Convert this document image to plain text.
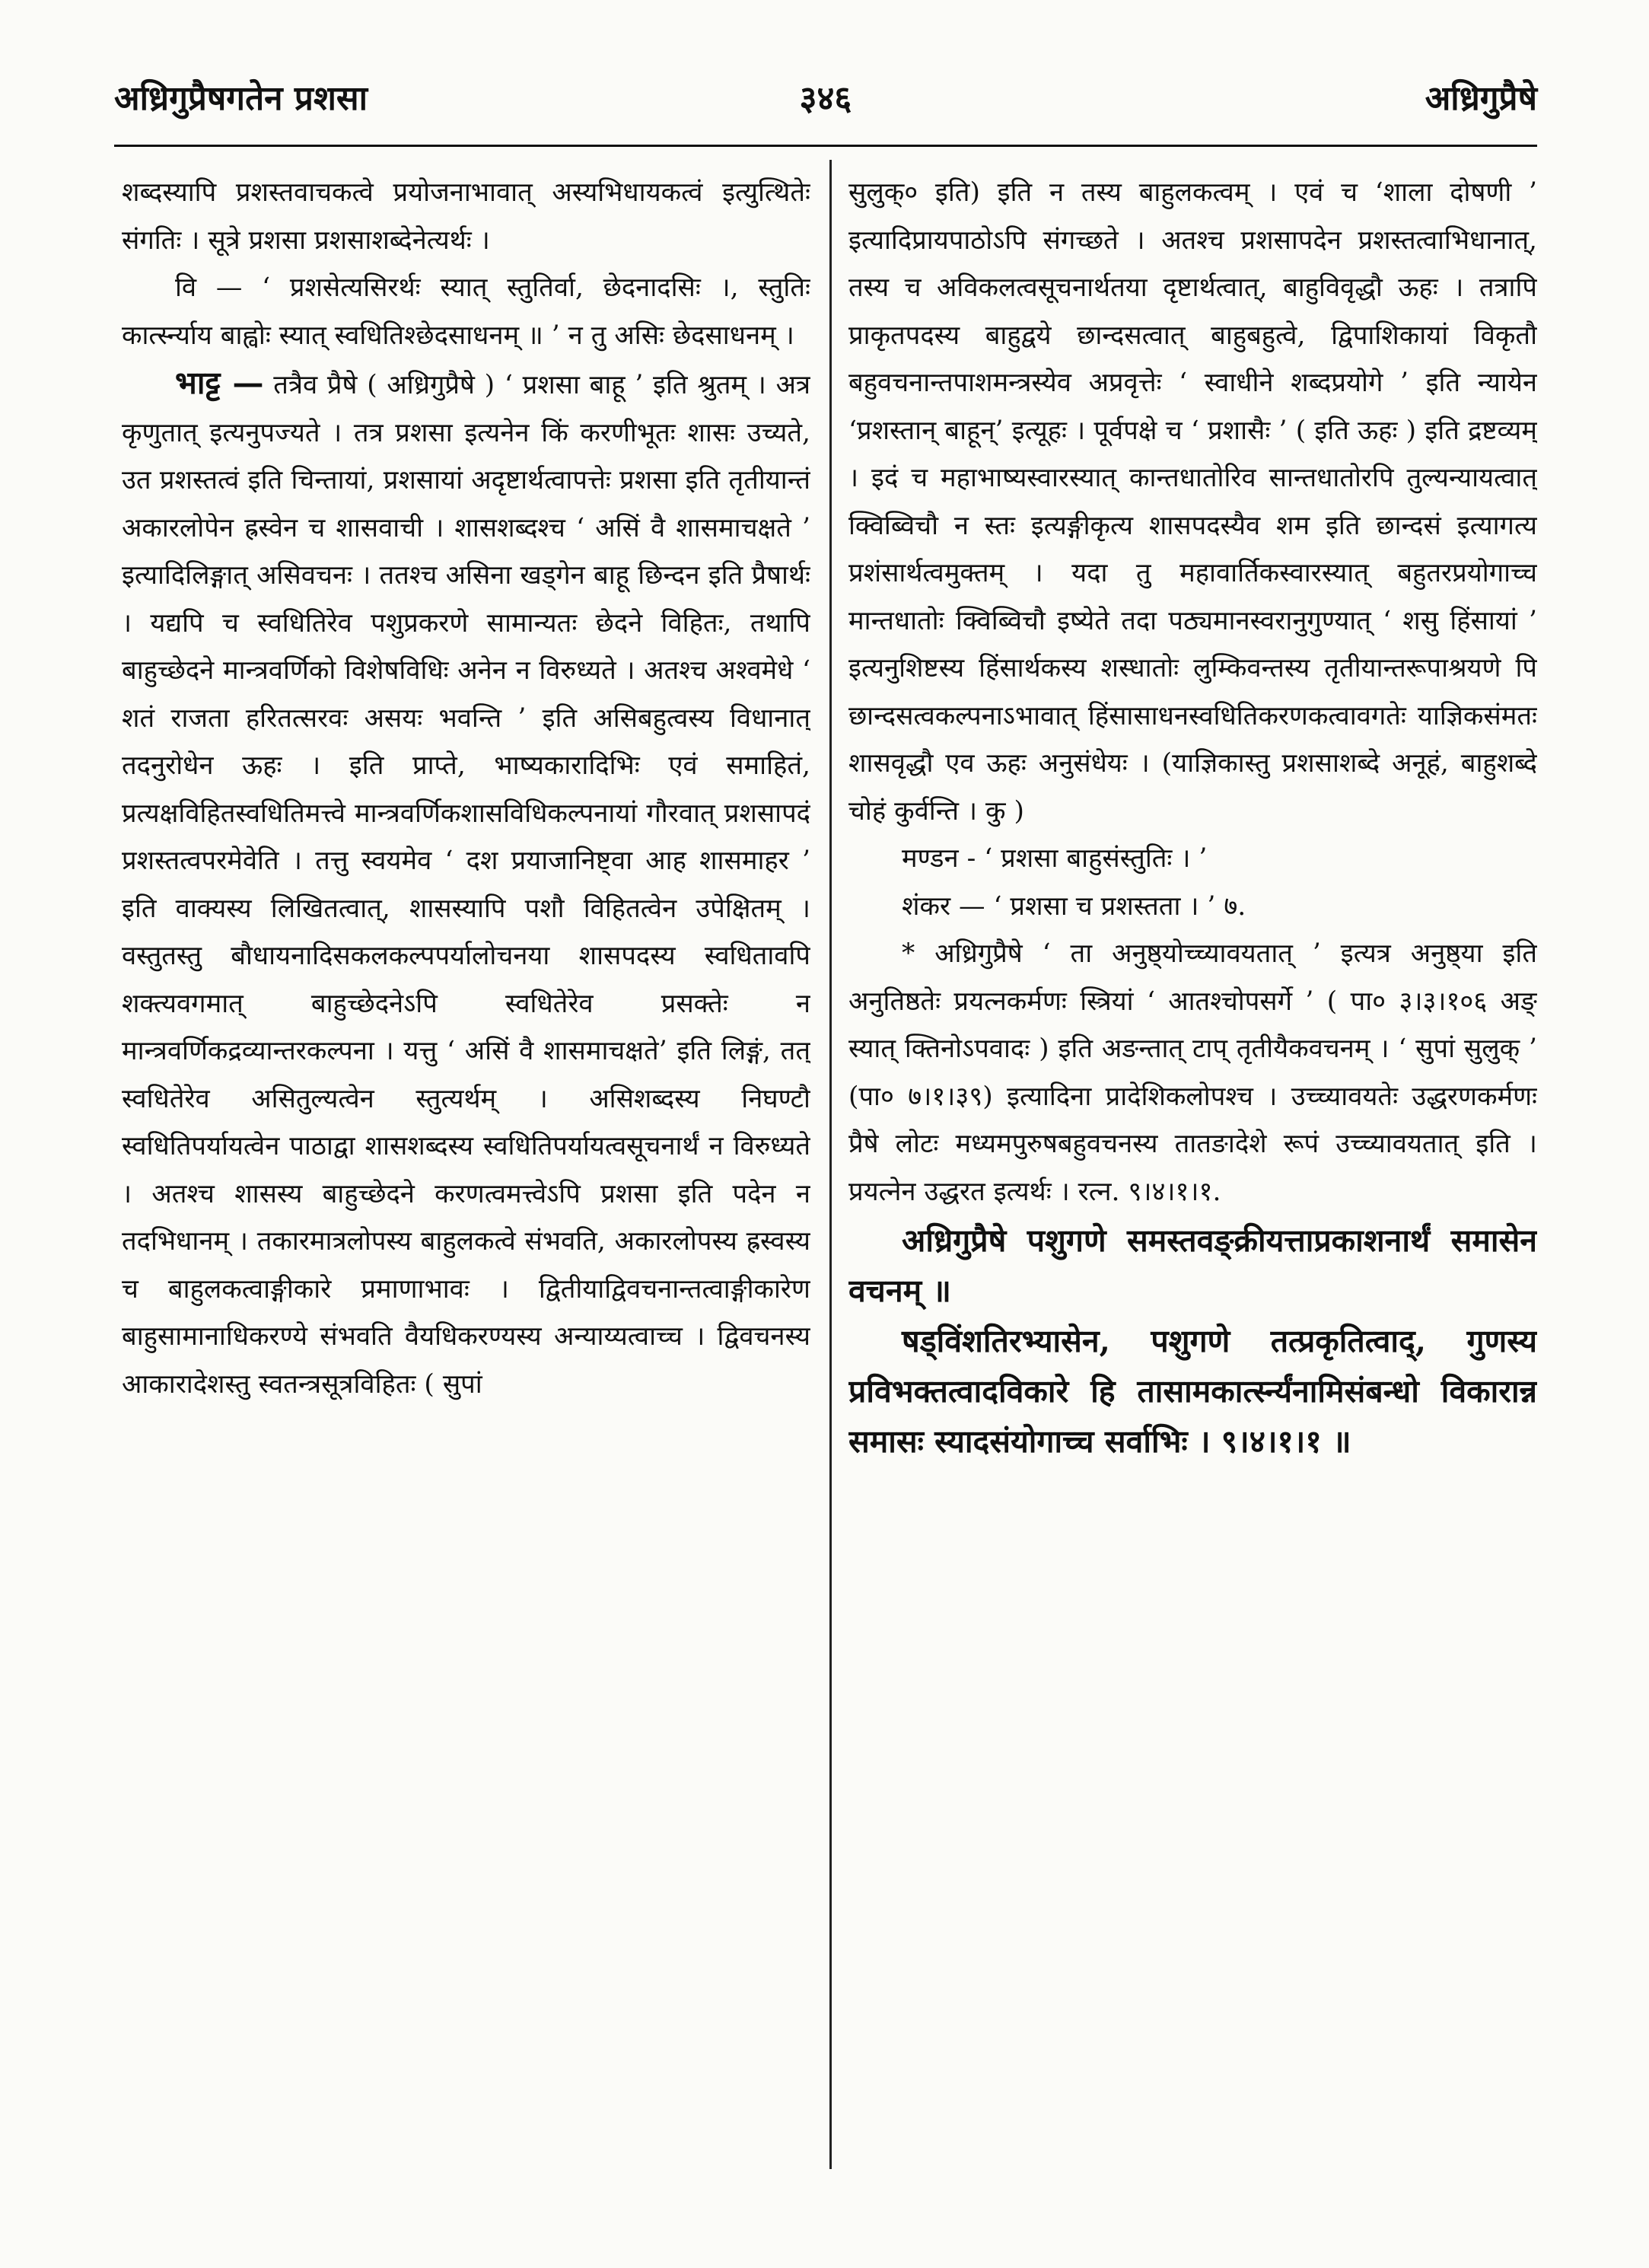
३४६
अध्रिगुप्रैषगतेन प्रशसा	अध्रिगुप्रैषे

शब्दस्यापि प्रशस्तवाचकत्वे प्रयोजनाभावात् अस्यभिधायकत्वं इत्युत्थितेः संगतिः । सूत्रे प्रशसा प्रशसाशब्देनेत्यर्थः ।

वि — ‘ प्रशसेत्यसिरर्थः स्यात् स्तुतिर्वा, छेदनादसिः ।, स्तुतिः कार्त्स्न्याय बाह्वोः स्यात् स्वधितिश्छेदसाधनम् ॥ ’ न तु असिः छेदसाधनम् ।

भाट्ट — तत्रैव प्रैषे ( अध्रिगुप्रैषे ) ‘ प्रशसा बाहू ’ इति श्रुतम् । अत्र कृणुतात् इत्यनुपज्यते । तत्र प्रशसा इत्यनेन किं करणीभूतः शासः उच्यते, उत प्रशस्तत्वं इति चिन्तायां, प्रशसायां अदृष्टार्थत्वापत्तेः प्रशसा इति तृतीयान्तं अकारलोपेन ह्रस्वेन च शासवाची । शासशब्दश्च ‘ असिं वै शासमाचक्षते ’ इत्यादिलिङ्गात् असिवचनः । ततश्च असिना खड्गेन बाहू छिन्दन इति प्रैषार्थः । यद्यपि च स्वधितिरेव पशुप्रकरणे सामान्यतः छेदने विहितः, तथापि बाहुच्छेदने मान्त्रवर्णिको विशेषविधिः अनेन न विरुध्यते । अतश्च अश्वमेधे ‘ शतं राजता हरितत्सरवः असयः भवन्ति ’ इति असिबहुत्वस्य विधानात् तदनुरोधेन ऊहः । इति प्राप्ते, भाष्यकारादिभिः एवं समाहितं, प्रत्यक्षविहितस्वधितिमत्त्वे मान्त्रवर्णिकशासविधिकल्पनायां गौरवात् प्रशसापदं प्रशस्तत्वपरमेवेति । तत्तु स्वयमेव ‘ दश प्रयाजानिष्ट्वा आह शासमाहर ’ इति वाक्यस्य लिखितत्वात्, शासस्यापि पशौ विहितत्वेन उपेक्षितम् । वस्तुतस्तु बौधायनादिसकलकल्पपर्यालोचनया शासपदस्य स्वधितावपि शक्त्यवगमात् बाहुच्छेदनेऽपि स्वधितेरेव प्रसक्तेः न मान्त्रवर्णिकद्रव्यान्तरकल्पना । यत्तु ‘ असिं वै शासमाचक्षते’ इति लिङ्गं, तत् स्वधितेरेव असितुल्यत्वेन स्तुत्यर्थम् । असिशब्दस्य निघण्टौ स्वधितिपर्यायत्वेन पाठाद्वा शासशब्दस्य स्वधितिपर्यायत्वसूचनार्थं न विरुध्यते । अतश्च शासस्य बाहुच्छेदने करणत्वमत्त्वेऽपि प्रशसा इति पदेन न तदभिधानम् । तकारमात्रलोपस्य बाहुलकत्वे संभवति, अकारलोपस्य ह्रस्वस्य च बाहुलकत्वाङ्गीकारे प्रमाणाभावः । द्वितीयाद्विवचनान्तत्वाङ्गीकारेण बाहुसामानाधिकरण्ये संभवति वैयधिकरण्यस्य अन्याय्यत्वाच्च । द्विवचनस्य आकारादेशस्तु स्वतन्त्रसूत्रविहितः ( सुपां

सुलुक्० इति) इति न तस्य बाहुलकत्वम् । एवं च ‘शाला दोषणी ’ इत्यादिप्रायपाठोऽपि संगच्छते । अतश्च प्रशसापदेन प्रशस्तत्वाभिधानात्, तस्य च अविकलत्वसूचनार्थतया दृष्टार्थत्वात्, बाहुविवृद्धौ ऊहः । तत्रापि प्राकृतपदस्य बाहुद्वये छान्दसत्वात् बाहुबहुत्वे, द्विपाशिकायां विकृतौ बहुवचनान्तपाशमन्त्रस्येव अप्रवृत्तेः ‘ स्वाधीने शब्दप्रयोगे ’ इति न्यायेन ‘प्रशस्तान् बाहून्’ इत्यूहः । पूर्वपक्षे च ‘ प्रशासैः ’ ( इति ऊहः ) इति द्रष्टव्यम् । इदं च महाभाष्यस्वारस्यात् कान्तधातोरिव सान्तधातोरपि तुल्यन्यायत्वात् क्विब्विचौ न स्तः इत्यङ्गीकृत्य शासपदस्यैव शम इति छान्दसं इत्यागत्य प्रशंसार्थत्वमुक्तम् । यदा तु महावार्तिकस्वारस्यात् बहुतरप्रयोगाच्च मान्तधातोः क्विब्विचौ इष्येते तदा पठ्यमानस्वरानुगुण्यात् ‘ शसु हिंसायां ’ इत्यनुशिष्टस्य हिंसार्थकस्य शस्धातोः लुम्किवन्तस्य तृतीयान्तरूपाश्रयणे पि छान्दसत्वकल्पनाऽभावात् हिंसासाधनस्वधितिकरणकत्वावगतेः याज्ञिकसंमतः शासवृद्धौ एव ऊहः अनुसंधेयः । (याज्ञिकास्तु प्रशसाशब्दे अनूहं, बाहुशब्दे चोहं कुर्वन्ति । कु )

मण्डन - ‘ प्रशसा बाहुसंस्तुतिः । ’

शंकर — ‘ प्रशसा च प्रशस्तता । ’ ७.

* अध्रिगुप्रैषे ‘ ता अनुष्ठ्योच्च्यावयतात् ’ इत्यत्र अनुष्ठ्या इति अनुतिष्ठतेः प्रयत्नकर्मणः स्त्रियां ‘ आतश्चोपसर्गे ’ ( पा० ३।३।१०६ अङ् स्यात् क्तिनोऽपवादः ) इति अङन्तात् टाप् तृतीयैकवचनम् । ‘ सुपां सुलुक् ’ (पा० ७।१।३९) इत्यादिना प्रादेशिकलोपश्च । उच्च्यावयतेः उद्धरणकर्मणः प्रैषे लोटः मध्यमपुरुषबहुवचनस्य तातङादेशे रूपं उच्च्यावयतात् इति । प्रयत्नेन उद्धरत इत्यर्थः । रत्न. ९।४।१।१.

अध्रिगुप्रैषे पशुगणे समस्तवङ्क्रीयत्ताप्रकाशनार्थं समासेन वचनम् ॥

षड्विंशतिरभ्यासेन, पशुगणे तत्प्रकृतित्वाद्, गुणस्य प्रविभक्तत्वादविकारे हि तासामकार्त्स्न्यंनामिसंबन्धो विकारान्न समासः स्यादसंयोगाच्च सर्वाभिः । ९।४।१।१ ॥
